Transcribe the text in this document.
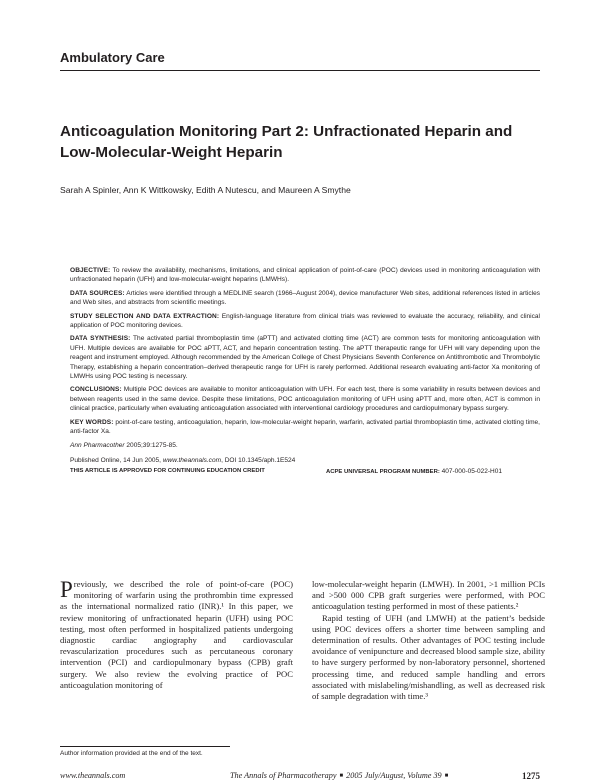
Ambulatory Care
Anticoagulation Monitoring Part 2: Unfractionated Heparin and Low-Molecular-Weight Heparin
Sarah A Spinler, Ann K Wittkowsky, Edith A Nutescu, and Maureen A Smythe

OBJECTIVE: To review the availability, mechanisms, limitations, and clinical application of point-of-care (POC) devices used in monitoring anticoagulation with unfractionated heparin (UFH) and low-molecular-weight heparins (LMWHs).

DATA SOURCES: Articles were identified through a MEDLINE search (1966–August 2004), device manufacturer Web sites, additional references listed in articles and Web sites, and abstracts from scientific meetings.

STUDY SELECTION AND DATA EXTRACTION: English-language literature from clinical trials was reviewed to evaluate the accuracy, reliability, and clinical application of POC monitoring devices.

DATA SYNTHESIS: The activated partial thromboplastin time (aPTT) and activated clotting time (ACT) are common tests for monitoring anticoagulation with UFH. Multiple devices are available for POC aPTT, ACT, and heparin concentration testing. The aPTT therapeutic range for UFH will vary depending upon the reagent and instrument employed. Although recommended by the American College of Chest Physicians Seventh Conference on Antithrombotic and Thrombolytic Therapy, establishing a heparin concentration–derived therapeutic range for UFH is rarely performed. Additional research evaluating anti-factor Xa monitoring of LMWHs using POC testing is necessary.

CONCLUSIONS: Multiple POC devices are available to monitor anticoagulation with UFH. For each test, there is some variability in results between devices and between reagents used in the same device. Despite these limitations, POC anticoagulation monitoring of UFH using aPTT and, more often, ACT is common in clinical practice, particularly when evaluating anticoagulation associated with interventional cardiology procedures and cardiopulmonary bypass surgery.

KEY WORDS: point-of-care testing, anticoagulation, heparin, low-molecular-weight heparin, warfarin, activated partial thromboplastin time, activated clotting time, anti-factor Xa.

Ann Pharmacother 2005;39:1275-85.

Published Online, 14 Jun 2005, www.theannals.com, DOI 10.1345/aph.1E524

THIS ARTICLE IS APPROVED FOR CONTINUING EDUCATION CREDIT	ACPE UNIVERSAL PROGRAM NUMBER: 407-000-05-022-H01

Previously, we described the role of point-of-care (POC) monitoring of warfarin using the prothrombin time expressed as the international normalized ratio (INR).¹ In this paper, we review monitoring of unfractionated heparin (UFH) using POC testing, most often performed in hospitalized patients undergoing diagnostic cardiac angiography and cardiovascular revascularization procedures such as percutaneous coronary intervention (PCI) and cardiopulmonary bypass (CPB) graft surgery. We also review the evolving practice of POC anticoagulation monitoring of

low-molecular-weight heparin (LMWH). In 2001, >1 million PCIs and >500 000 CPB graft surgeries were performed, with POC anticoagulation testing performed in most of these patients.²

Rapid testing of UFH (and LMWH) at the patient’s bedside using POC devices offers a shorter time between sampling and determination of results. Other advantages of POC testing include avoidance of venipuncture and decreased blood sample size, ability to have surgery performed by non-laboratory personnel, shortened processing time, and reduced sample handling and errors associated with mislabeling/mishandling, as well as decreased risk of sample degradation with time.³

Author information provided at the end of the text.
www.theannals.com	The Annals of Pharmacotherapy ■ 2005 July/August, Volume 39 ■	1275
